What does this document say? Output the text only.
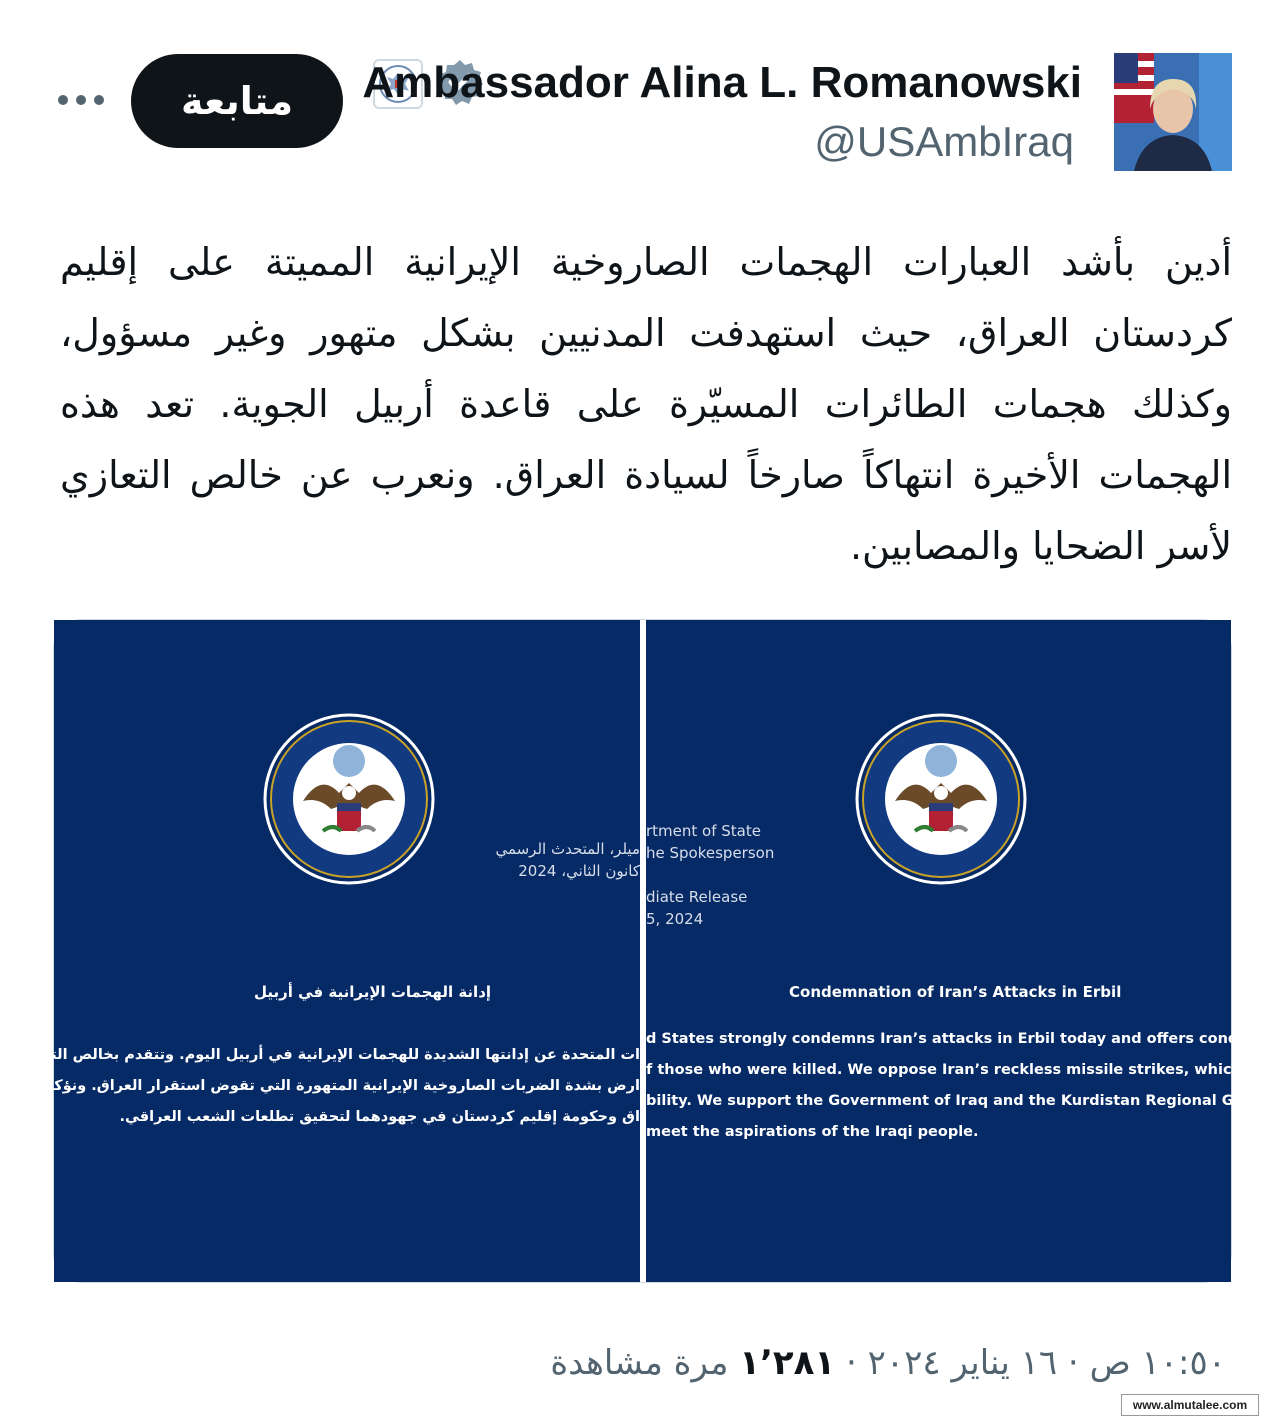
متابعة	Ambassador Alina L. Romanowski
@USAmbIraq
أدين بأشد العبارات الهجمات الصاروخية الإيرانية المميتة على إقليم كردستان العراق، حيث استهدفت المدنيين بشكل متهور وغير مسؤول، وكذلك هجمات الطائرات المسيّرة على قاعدة أربيل الجوية. تعد هذه الهجمات الأخيرة انتهاكاً صارخاً لسيادة العراق. ونعرب عن خالص التعازي لأسر الضحايا والمصابين.
ميلر، المتحدث الرسمي
كانون الثاني، 2024
إدانة الهجمات الإيرانية في أربيل
ات المتحدة عن إدانتها الشديدة للهجمات الإيرانية في أربيل اليوم. وتتقدم بخالص التعا
ارض بشدة الضربات الصاروخية الإيرانية المتهورة التي تقوض استقرار العراق. ونؤكد
اق وحكومة إقليم كردستان في جهودهما لتحقيق تطلعات الشعب العراقي.
rtment of State
he Spokesperson
diate Release
5, 2024
Condemnation of Iran’s Attacks in Erbil
d States strongly condemns Iran’s attacks in Erbil today and offers condolen
f those who were killed. We oppose Iran’s reckless missile strikes, which u
bility. We support the Government of Iraq and the Kurdistan Regional Gov
meet the aspirations of the Iraqi people.
١٠:٥٠ ص · ١٦ يناير ٢٠٢٤ · ١٬٢٨١ مرة مشاهدة
www.almutalee.com
